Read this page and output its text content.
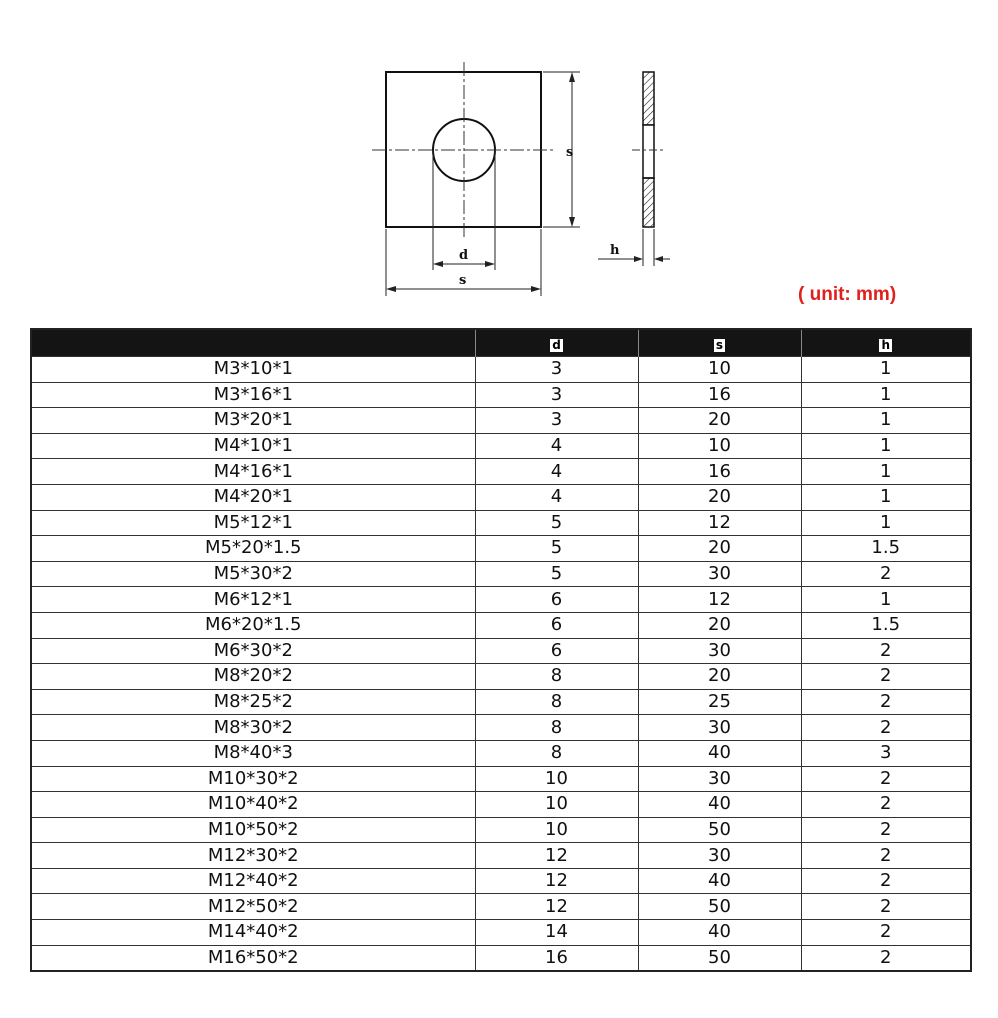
s
d
s
h
( unit: mm)
	d	s	h
M3*10*1	3	10	1
M3*16*1	3	16	1
M3*20*1	3	20	1
M4*10*1	4	10	1
M4*16*1	4	16	1
M4*20*1	4	20	1
M5*12*1	5	12	1
M5*20*1.5	5	20	1.5
M5*30*2	5	30	2
M6*12*1	6	12	1
M6*20*1.5	6	20	1.5
M6*30*2	6	30	2
M8*20*2	8	20	2
M8*25*2	8	25	2
M8*30*2	8	30	2
M8*40*3	8	40	3
M10*30*2	10	30	2
M10*40*2	10	40	2
M10*50*2	10	50	2
M12*30*2	12	30	2
M12*40*2	12	40	2
M12*50*2	12	50	2
M14*40*2	14	40	2
M16*50*2	16	50	2
